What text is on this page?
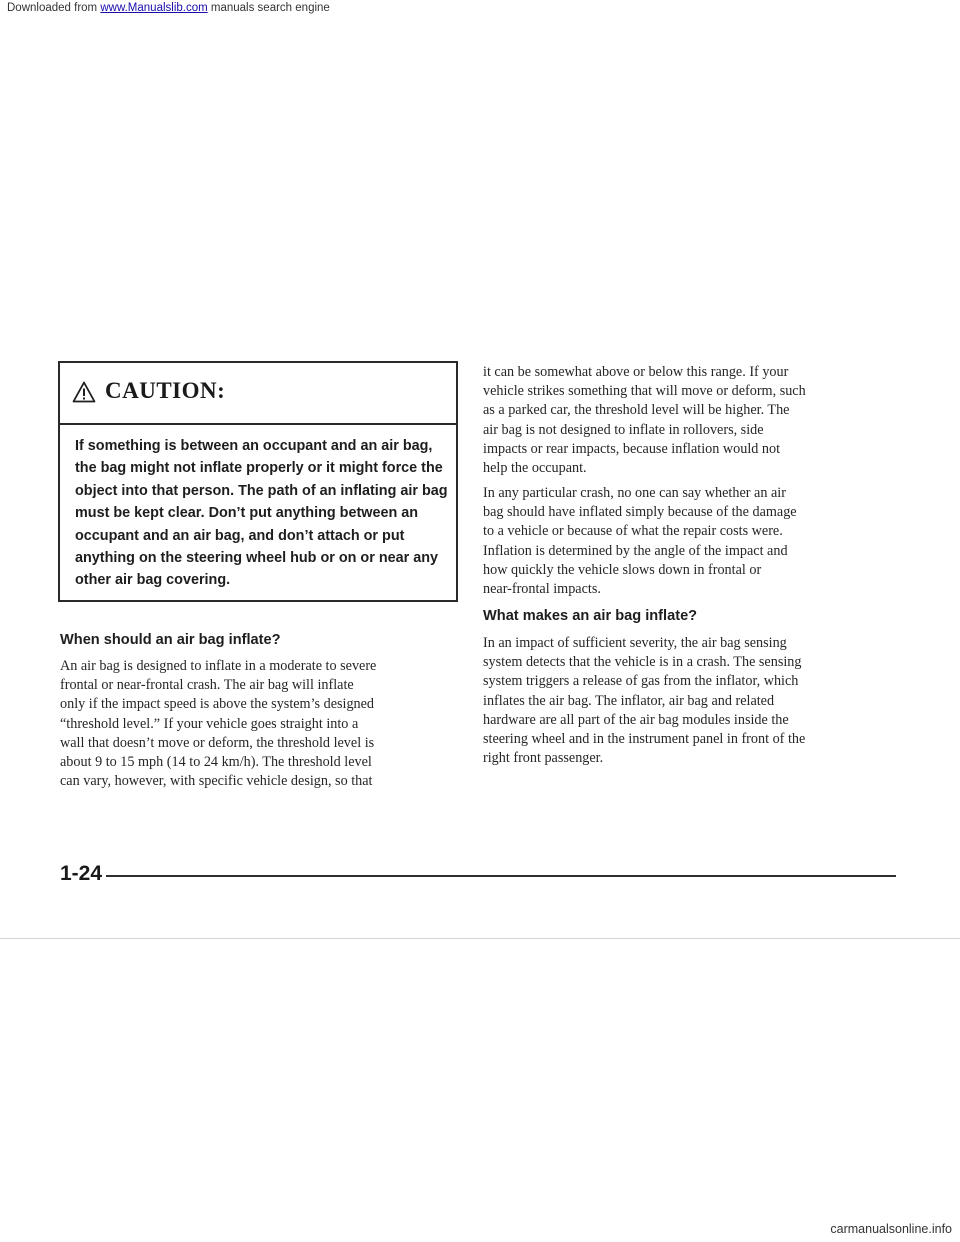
Downloaded from www.Manualslib.com manuals search engine
CAUTION:

If something is between an occupant and an air bag, the bag might not inflate properly or it might force the object into that person. The path of an inflating air bag must be kept clear. Don’t put anything between an occupant and an air bag, and don’t attach or put anything on the steering wheel hub or on or near any other air bag covering.

When should an air bag inflate?

An air bag is designed to inflate in a moderate to severe
frontal or near-frontal crash. The air bag will inflate
only if the impact speed is above the system’s designed
“threshold level.” If your vehicle goes straight into a
wall that doesn’t move or deform, the threshold level is
about 9 to 15 mph (14 to 24 km/h). The threshold level
can vary, however, with specific vehicle design, so that

it can be somewhat above or below this range. If your
vehicle strikes something that will move or deform, such
as a parked car, the threshold level will be higher. The
air bag is not designed to inflate in rollovers, side
impacts or rear impacts, because inflation would not
help the occupant.

In any particular crash, no one can say whether an air
bag should have inflated simply because of the damage
to a vehicle or because of what the repair costs were.
Inflation is determined by the angle of the impact and
how quickly the vehicle slows down in frontal or
near-frontal impacts.

What makes an air bag inflate?

In an impact of sufficient severity, the air bag sensing
system detects that the vehicle is in a crash. The sensing
system triggers a release of gas from the inflator, which
inflates the air bag. The inflator, air bag and related
hardware are all part of the air bag modules inside the
steering wheel and in the instrument panel in front of the
right front passenger.

1-24
carmanualsonline.info
